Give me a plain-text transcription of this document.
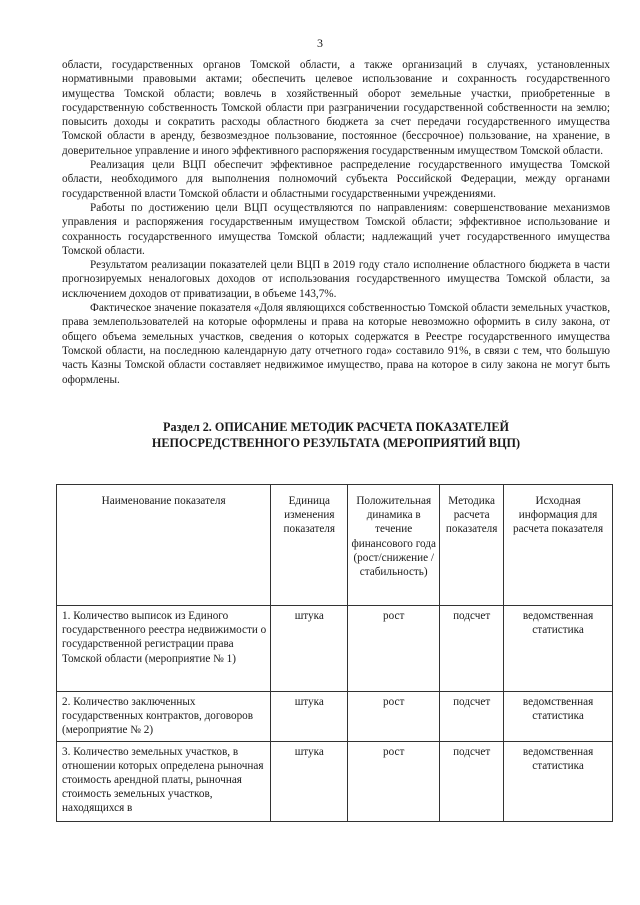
3

области, государственных органов Томской области, а также организаций в случаях, установленных нормативными правовыми актами; обеспечить целевое использование и сохранность государственного имущества Томской области; вовлечь в хозяйственный оборот земельные участки, приобретенные в государственную собственность Томской области при разграничении государственной собственности на землю; повысить доходы и сократить расходы областного бюджета за счет передачи государственного имущества Томской области в аренду, безвозмездное пользование, постоянное (бессрочное) пользование, на хранение, в доверительное управление и иного эффективного распоряжения государственным имуществом Томской области.

Реализация цели ВЦП обеспечит эффективное распределение государственного имущества Томской области, необходимого для выполнения полномочий субъекта Российской Федерации, между органами государственной власти Томской области и областными государственными учреждениями.

Работы по достижению цели ВЦП осуществляются по направлениям: совершенствование механизмов управления и распоряжения государственным имуществом Томской области; эффективное использование и сохранность государственного имущества Томской области; надлежащий учет государственного имущества Томской области.

Результатом реализации показателей цели ВЦП в 2019 году стало исполнение областного бюджета в части прогнозируемых неналоговых доходов от использования государственного имущества Томской области, за исключением доходов от приватизации, в объеме 143,7%.

Фактическое значение показателя «Доля являющихся собственностью Томской области земельных участков, права землепользователей на которые оформлены и права на которые невозможно оформить в силу закона, от общего объема земельных участков, сведения о которых содержатся в Реестре государственного имущества Томской области, на последнюю календарную дату отчетного года» составило 91%, в связи с тем, что большую часть Казны Томской области составляет недвижимое имущество, права на которое в силу закона не могут быть оформлены.

Раздел 2. ОПИСАНИЕ МЕТОДИК РАСЧЕТА ПОКАЗАТЕЛЕЙ
НЕПОСРЕДСТВЕННОГО РЕЗУЛЬТАТА (МЕРОПРИЯТИЙ ВЦП)
Наименование показателя	Единица изменения показателя	Положительная динамика в течение финансового года (рост/снижение /стабильность)	Методика расчета показателя	Исходная информация для расчета показателя
1. Количество выписок из Единого государственного реестра недвижимости о государственной регистрации права Томской области (мероприятие № 1)	штука	рост	подсчет	ведомственная статистика
2. Количество заключенных государственных контрактов, договоров (мероприятие № 2)	штука	рост	подсчет	ведомственная статистика
3. Количество земельных участков, в отношении которых определена рыночная стоимость арендной платы, рыночная стоимость земельных участков, находящихся в	штука	рост	подсчет	ведомственная статистика
